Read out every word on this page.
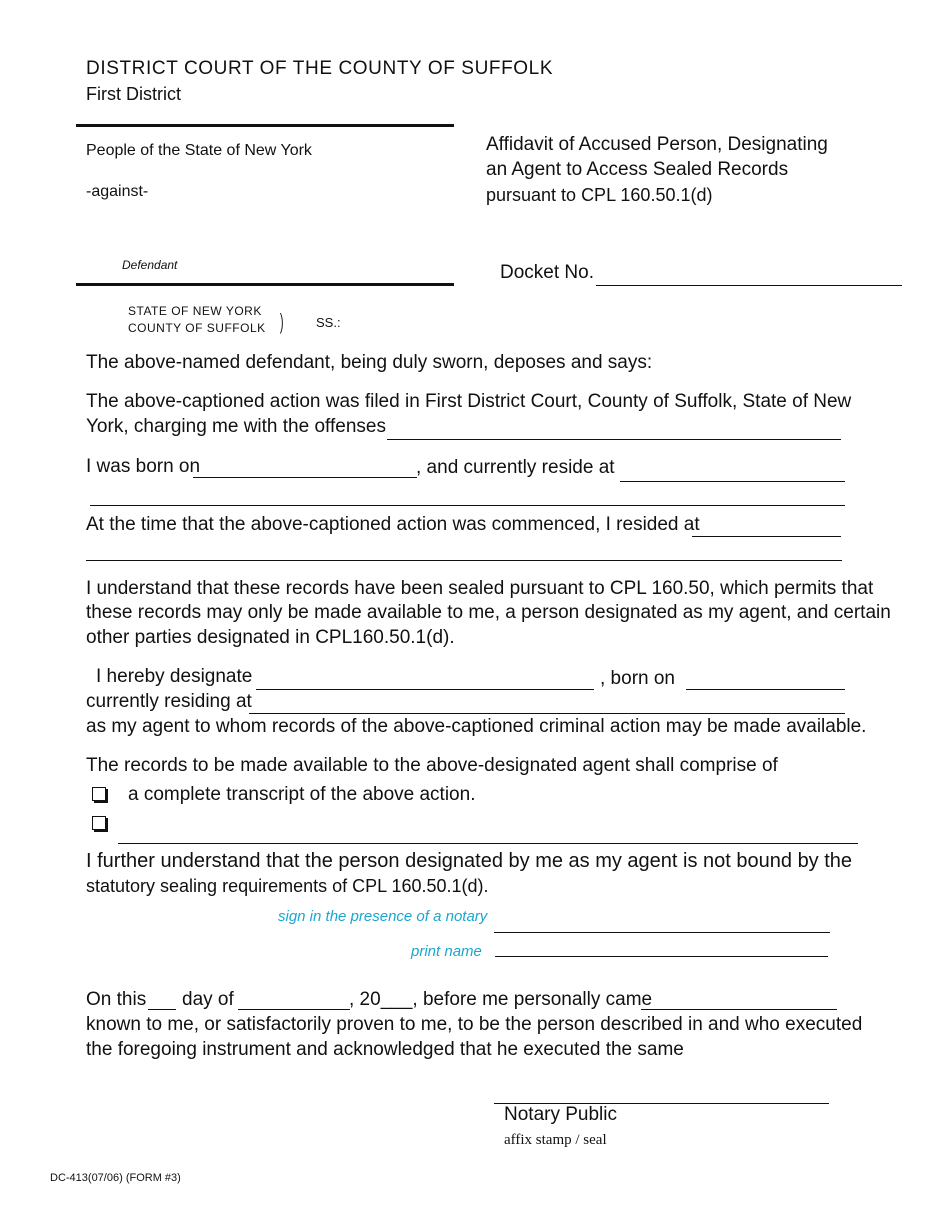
DISTRICT COURT OF THE COUNTY OF SUFFOLK
First District
People of the State of New York
-against-
Defendant
Affidavit of Accused Person, Designating
an Agent to Access Sealed Records
pursuant to CPL 160.50.1(d)
Docket No.
STATE OF NEW YORK
COUNTY OF SUFFOLK )	SS.:
The above-named defendant, being duly sworn, deposes and says:
The above-captioned action was filed in First District Court, County of Suffolk, State of New
York, charging me with the offenses
I was born on	, and currently reside at
At the time that the above-captioned action was commenced, I resided at
I understand that these records have been sealed pursuant to CPL 160.50, which permits that
these records may only be made available to me, a person designated as my agent, and certain
other parties designated in CPL160.50.1(d).
I hereby designate	, born on
currently residing at
as my agent to whom records of the above-captioned criminal action may be made available.
The records to be made available to the above-designated agent shall comprise of
a complete transcript of the above action.
I further understand that the person designated by me as my agent is not bound by the
statutory sealing requirements of CPL 160.50.1(d).
sign in the presence of a notary
print name
On this day of	, 20___, before me personally came
known to me, or satisfactorily proven to me, to be the person described in and who executed
the foregoing instrument and acknowledged that he executed the same
Notary Public
affix stamp / seal
DC-413(07/06) (FORM #3)
